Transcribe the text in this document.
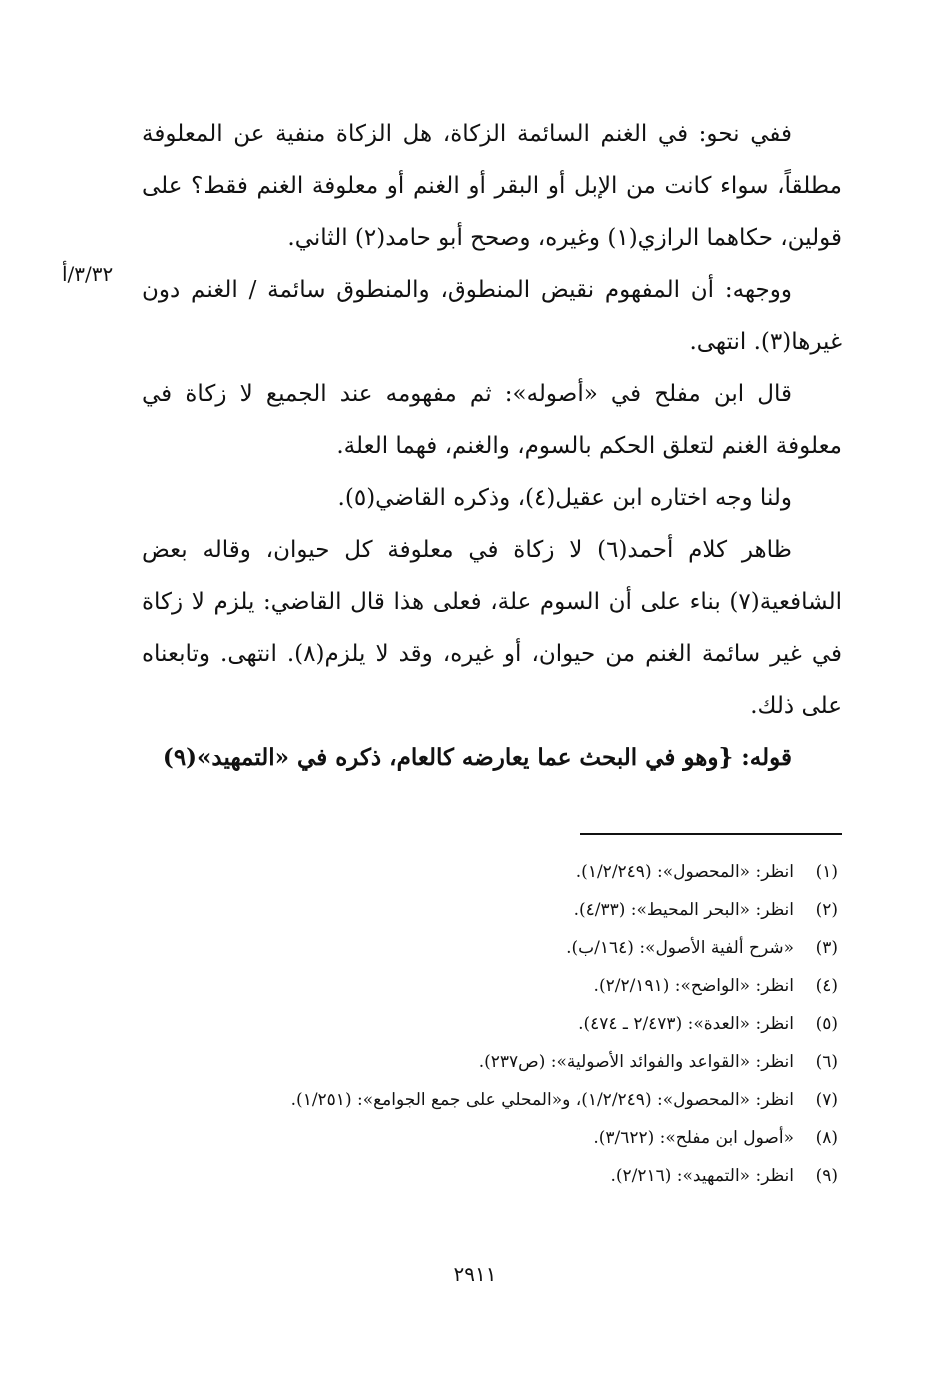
٣/٣٢/أ

ففي نحو: في الغنم السائمة الزكاة، هل الزكاة منفية عن المعلوفة مطلقاً، سواء كانت من الإبل أو البقر أو الغنم أو معلوفة الغنم فقط؟ على قولين، حكاهما الرازي(١) وغيره، وصحح أبو حامد(٢) الثاني.

ووجهه: أن المفهوم نقيض المنطوق، والمنطوق سائمة / الغنم دون غيرها(٣). انتهى.

قال ابن مفلح في «أصوله»: ثم مفهومه عند الجميع لا زكاة في معلوفة الغنم لتعلق الحكم بالسوم، والغنم، فهما العلة.

ولنا وجه اختاره ابن عقيل(٤)، وذكره القاضي(٥).

ظاهر كلام أحمد(٦) لا زكاة في معلوفة كل حيوان، وقاله بعض الشافعية(٧) بناء على أن السوم علة، فعلى هذا قال القاضي: يلزم لا زكاة في غير سائمة الغنم من حيوان، أو غيره، وقد لا يلزم(٨). انتهى. وتابعناه على ذلك.

قوله: {وهو في البحث عما يعارضه كالعام، ذكره في «التمهيد»(٩)

(١)انظر: «المحصول»: (١/٢/٢٤٩).
(٢)انظر: «البحر المحيط»: (٤/٣٣).
(٣)«شرح ألفية الأصول»: (١٦٤/ب).
(٤)انظر: «الواضح»: (٢/٢/١٩١).
(٥)انظر: «العدة»: (٢/٤٧٣ ـ ٤٧٤).
(٦)انظر: «القواعد والفوائد الأصولية»: (ص٢٣٧).
(٧)انظر: «المحصول»: (١/٢/٢٤٩)، و«المحلي على جمع الجوامع»: (١/٢٥١).
(٨)«أصول ابن مفلح»: (٣/٦٢٢).
(٩)انظر: «التمهيد»: (٢/٢١٦).
٢٩١١
